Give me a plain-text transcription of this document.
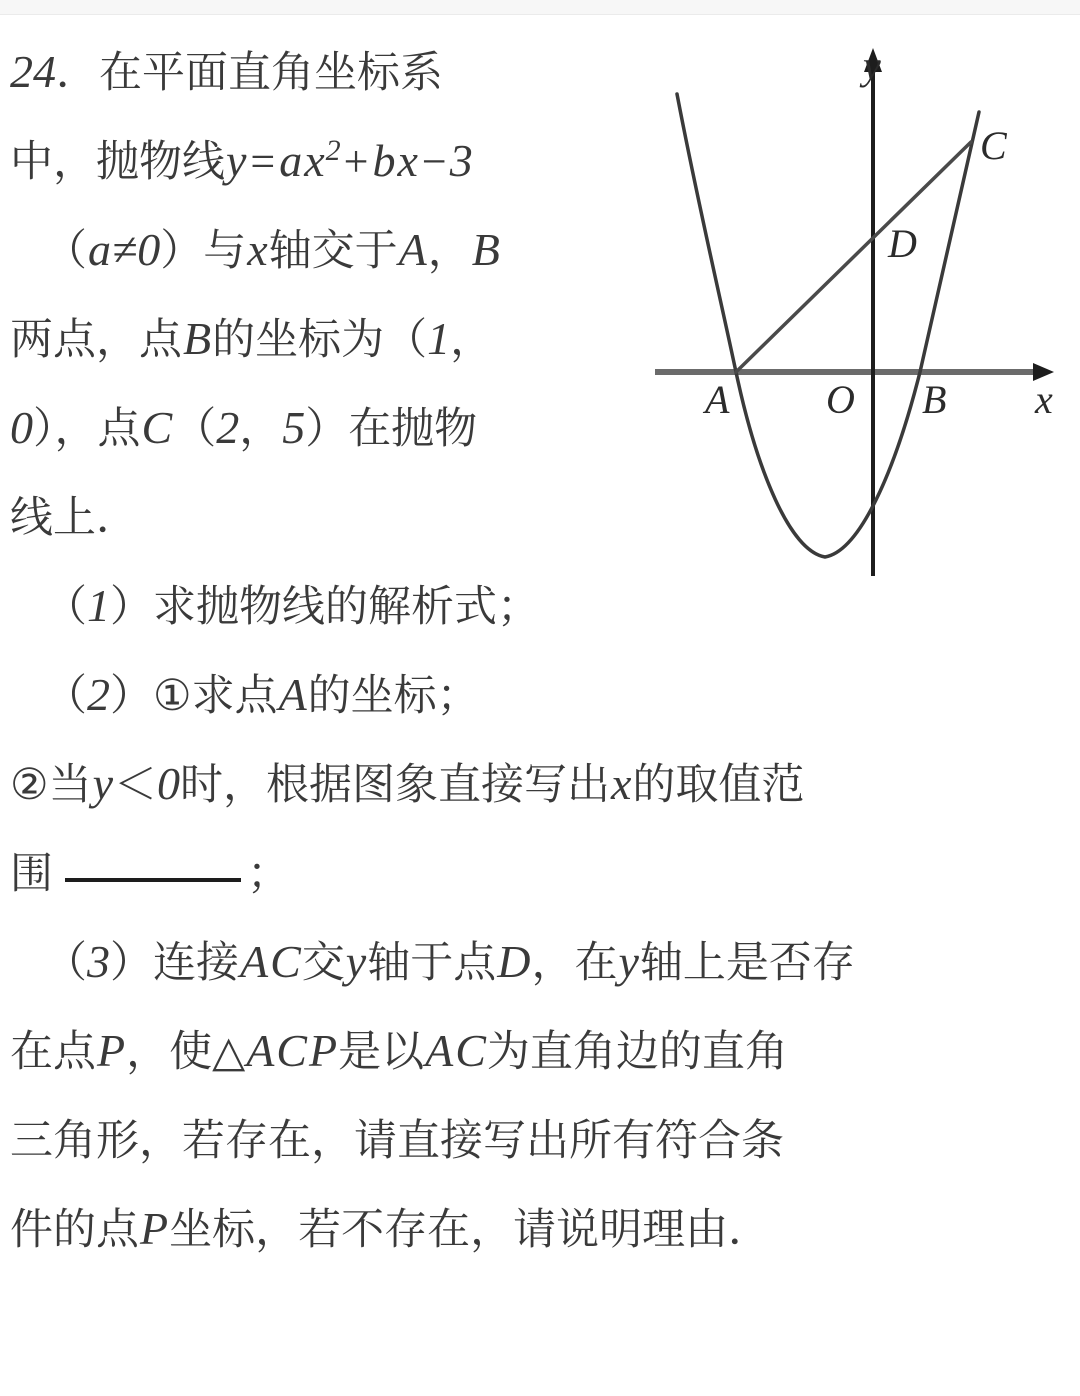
24．在平面直角坐标系
中，抛物线$y=ax^2+bx-3$
（a≠0）与x轴交于A，B
两点，点B的坐标为（1，
0），点C（2，5）在抛物
线上．
（1）求抛物线的解析式；
（2）①求点A的坐标；
②当y＜0时，根据图象直接写出x的取值范
围	；
（3）连接AC交y轴于点D，在y轴上是否存
在点P，使△ACP是以AC为直角边的直角
三角形，若存在，请直接写出所有符合条
件的点P坐标，若不存在，请说明理由．
y
x
O
A	B
C
D
